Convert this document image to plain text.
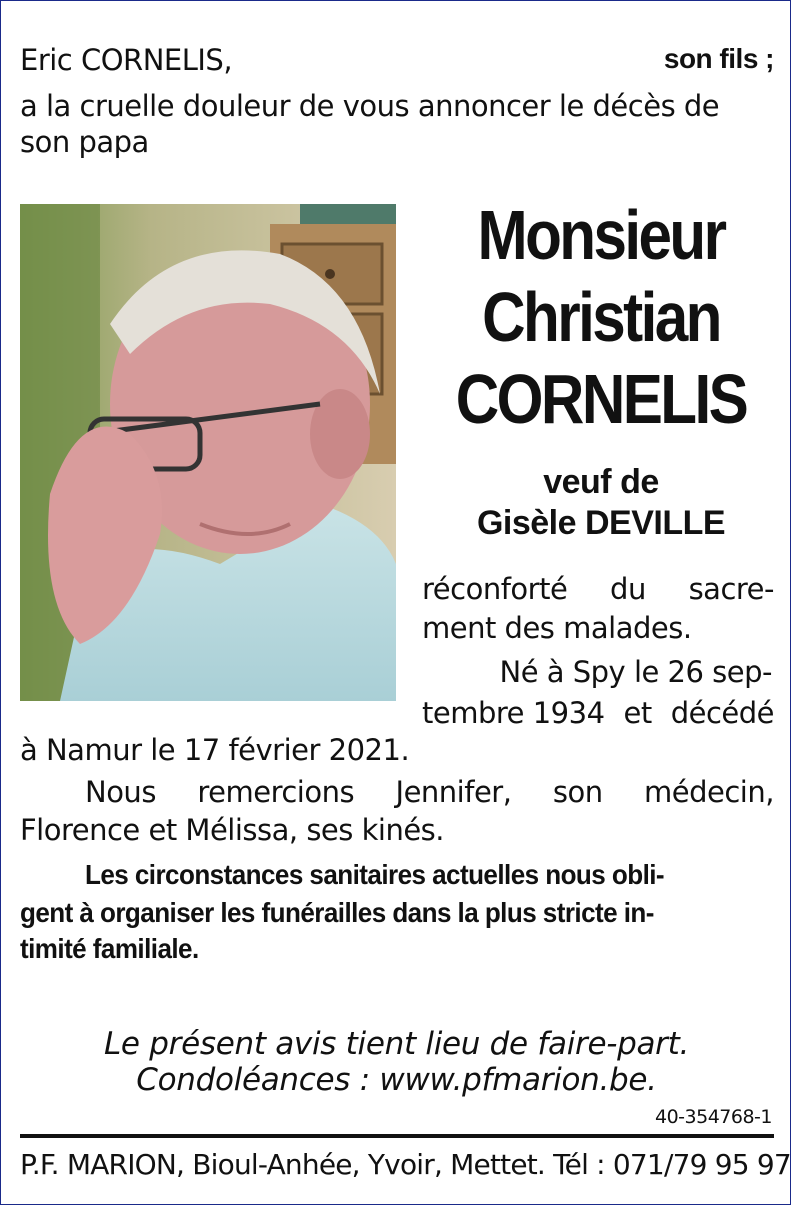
Eric CORNELIS,	son fils ;
a la cruelle douleur de vous annoncer le décès de
son papa
Monsieur
Christian
CORNELIS
veuf de
Gisèle DEVILLE
réconforté du sacre-
ment des malades.
Né à Spy le 26 sep-
tembre 1934 et décédé
à Namur le 17 février 2021.
Nous remercions Jennifer, son médecin,
Florence et Mélissa, ses kinés.
Les circonstances sanitaires actuelles nous obli-
gent à organiser les funérailles dans la plus stricte in-
timité familiale.
Le présent avis tient lieu de faire-part.
Condoléances : www.pfmarion.be.
40-354768-1
P.F. MARION, Bioul-Anhée, Yvoir, Mettet. Tél : 071/79 95 97
